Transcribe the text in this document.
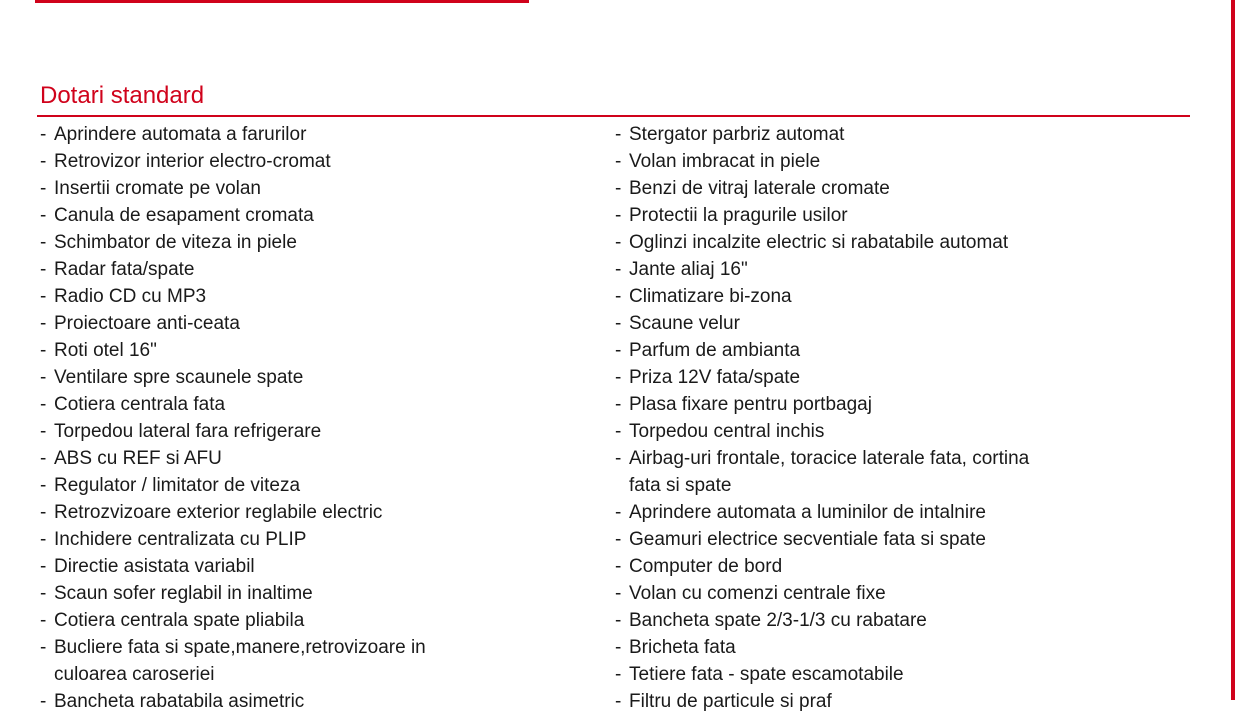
Dotari standard
- Aprindere automata a farurilor
- Retrovizor interior electro-cromat
- Insertii cromate pe volan
- Canula de esapament cromata
- Schimbator de viteza in piele
- Radar fata/spate
- Radio CD cu MP3
- Proiectoare anti-ceata
- Roti otel 16"
- Ventilare spre scaunele spate
- Cotiera centrala fata
- Torpedou lateral fara refrigerare
- ABS cu REF si AFU
- Regulator / limitator de viteza
- Retrozvizoare exterior reglabile electric
- Inchidere centralizata cu PLIP
- Directie asistata variabil
- Scaun sofer reglabil in inaltime
- Cotiera centrala spate pliabila
- Bucliere fata si spate,manere,retrovizoare in
culoarea caroseriei
- Bancheta rabatabila asimetric
- Stergator parbriz automat
- Volan imbracat in piele
- Benzi de vitraj laterale cromate
- Protectii la pragurile usilor
- Oglinzi incalzite electric si rabatabile automat
- Jante aliaj 16"
- Climatizare bi-zona
- Scaune velur
- Parfum de ambianta
- Priza 12V fata/spate
- Plasa fixare pentru portbagaj
- Torpedou central inchis
- Airbag-uri frontale, toracice laterale fata, cortina
fata si spate
- Aprindere automata a luminilor de intalnire
- Geamuri electrice secventiale fata si spate
- Computer de bord
- Volan cu comenzi centrale fixe
- Bancheta spate 2/3-1/3 cu rabatare
- Bricheta fata
- Tetiere fata - spate escamotabile
- Filtru de particule si praf
